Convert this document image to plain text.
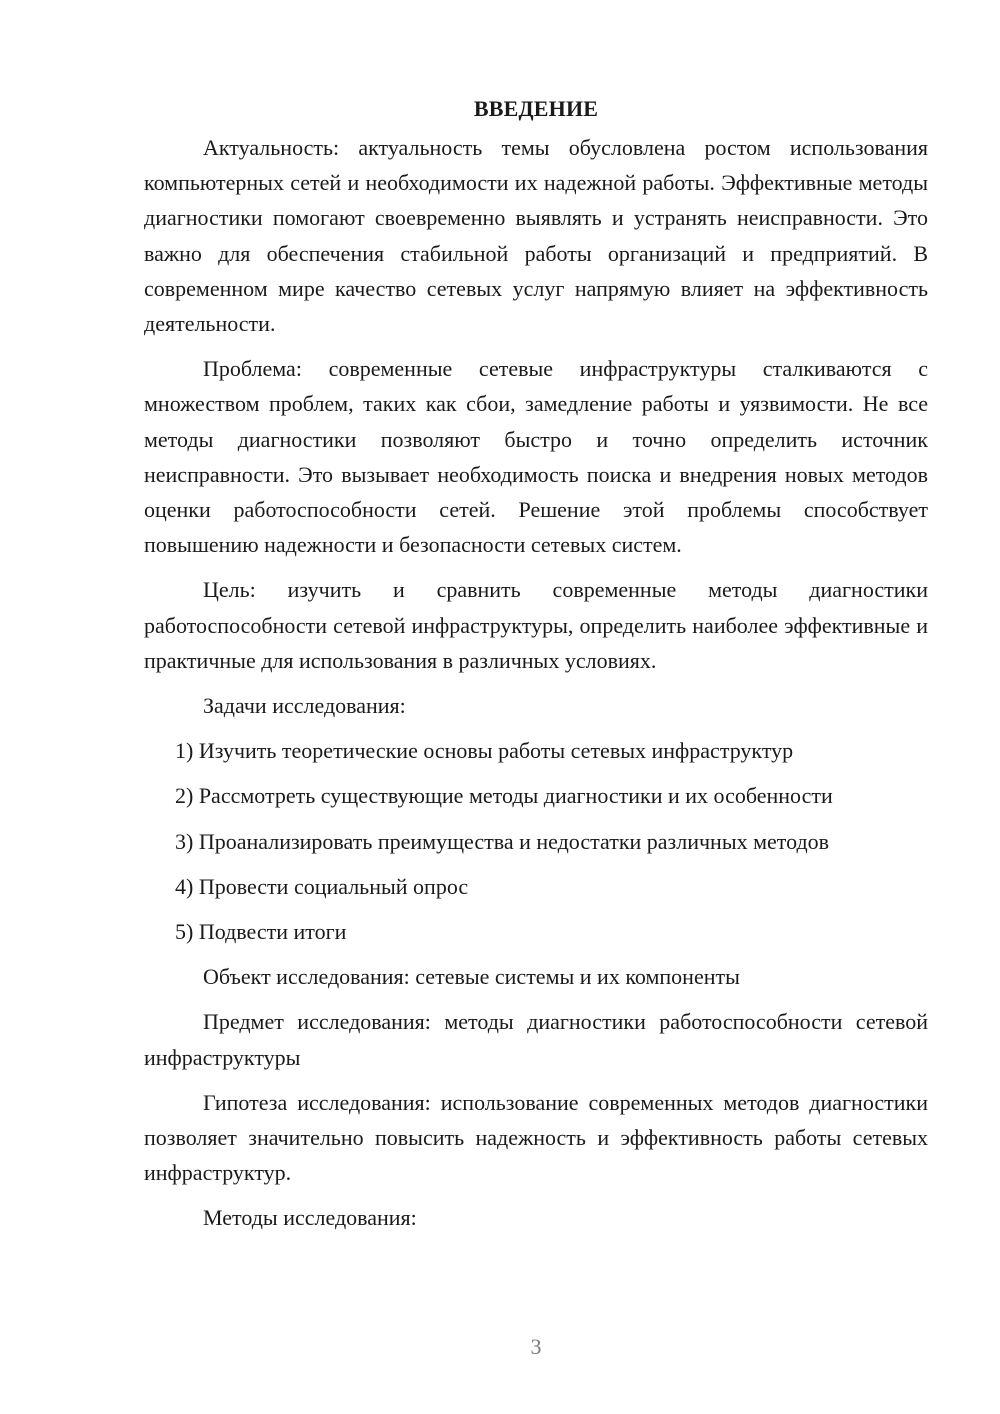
ВВЕДЕНИЕ

Актуальность: актуальность темы обусловлена ростом использования компьютерных сетей и необходимости их надежной работы. Эффективные методы диагностики помогают своевременно выявлять и устранять неисправности. Это важно для обеспечения стабильной работы организаций и предприятий. В современном мире качество сетевых услуг напрямую влияет на эффективность деятельности.

Проблема: современные сетевые инфраструктуры сталкиваются с множеством проблем, таких как сбои, замедление работы и уязвимости. Не все методы диагностики позволяют быстро и точно определить источник неисправности. Это вызывает необходимость поиска и внедрения новых методов оценки работоспособности сетей. Решение этой проблемы способствует повышению надежности и безопасности сетевых систем.

Цель: изучить и сравнить современные методы диагностики работоспособности сетевой инфраструктуры, определить наиболее эффективные и практичные для использования в различных условиях.

Задачи исследования:

1) Изучить теоретические основы работы сетевых инфраструктур
2) Рассмотреть существующие методы диагностики и их особенности
3) Проанализировать преимущества и недостатки различных методов
4) Провести социальный опрос
5) Подвести итоги

Объект исследования: сетевые системы и их компоненты

Предмет исследования: методы диагностики работоспособности сетевой инфраструктуры

Гипотеза исследования: использование современных методов диагностики позволяет значительно повысить надежность и эффективность работы сетевых инфраструктур.

Методы исследования:

3
